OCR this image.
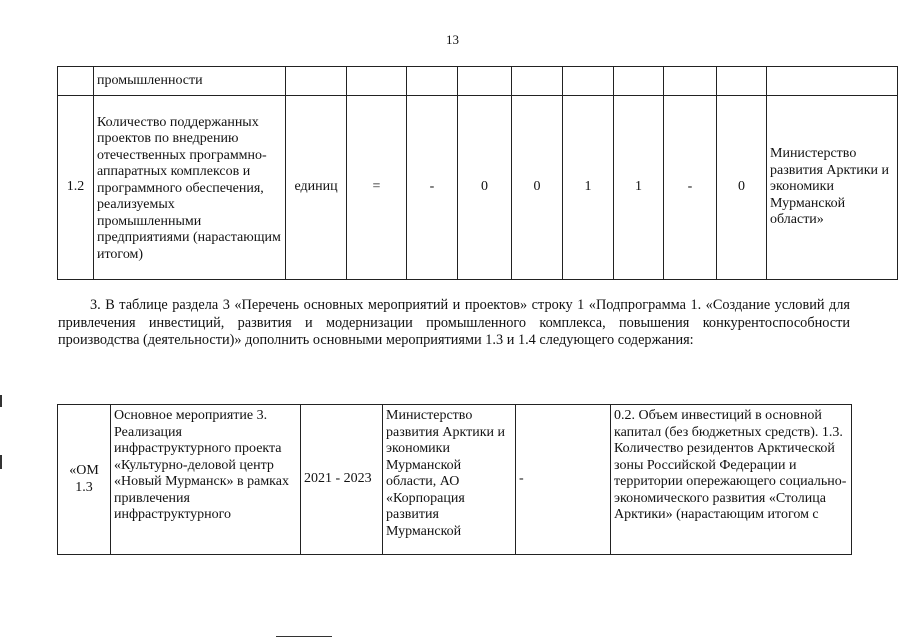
13
	промышленности										
1.2	Количество поддержанных проектов по внедрению отечественных программно-аппаратных комплексов и программного обеспечения, реализуемых промышленными предприятиями (нарастающим итогом)	единиц	=	-	0	0	1	1	-	0	Министерство развития Арктики и экономики Мурманской области»

3. В таблице раздела 3 «Перечень основных мероприятий и проектов» строку 1 «Подпрограмма 1. «Создание условий для привлечения инвестиций, развития и модернизации промышленного комплекса, повышения конкурентоспособности производства (деятельности)» дополнить основными мероприятиями 1.3 и 1.4 следующего содержания:

«ОМ 1.3	Основное мероприятие 3. Реализация инфраструктурного проекта «Культурно-деловой центр «Новый Мурманск» в рамках привлечения инфраструктурного	2021 - 2023	Министерство развития Арктики и экономики Мурманской области, АО «Корпорация развития Мурманской	-	0.2. Объем инвестиций в основной капитал (без бюджетных средств). 1.3. Количество резидентов Арктической зоны Российской Федерации и территории опережающего социально-экономического развития «Столица Арктики» (нарастающим итогом с
